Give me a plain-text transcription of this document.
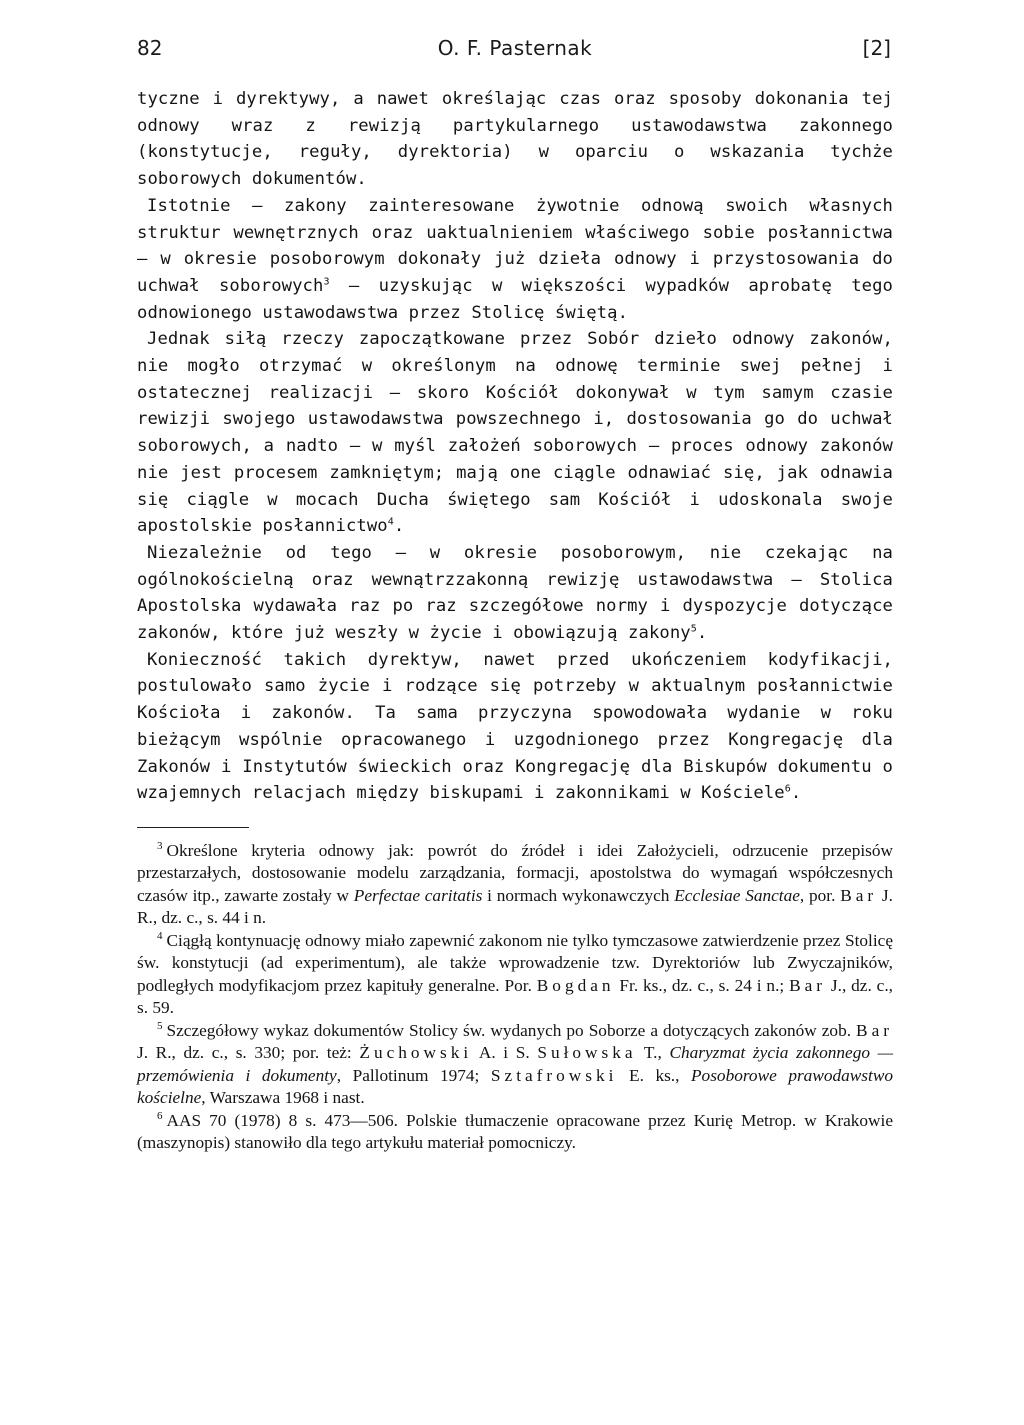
82	O. F. Pasternak	[2]

tyczne i dyrektywy, a nawet określając czas oraz sposoby dokonania tej odnowy wraz z rewizją partykularnego ustawodawstwa zakonnego (konstytucje, reguły, dyrektoria) w oparciu o wskazania tychże soborowych dokumentów.

Istotnie — zakony zainteresowane żywotnie odnową swoich własnych struktur wewnętrznych oraz uaktualnieniem właściwego sobie posłannictwa — w okresie posoborowym dokonały już dzieła odnowy i przystosowania do uchwał soborowych$^3$ — uzyskując w większości wypadków aprobatę tego odnowionego ustawodawstwa przez Stolicę świętą.

Jednak siłą rzeczy zapoczątkowane przez Sobór dzieło odnowy zakonów, nie mogło otrzymać w określonym na odnowę terminie swej pełnej i ostatecznej realizacji — skoro Kościół dokonywał w tym samym czasie rewizji swojego ustawodawstwa powszechnego i, dostosowania go do uchwał soborowych, a nadto — w myśl założeń soborowych — proces odnowy zakonów nie jest procesem zamkniętym; mają one ciągle odnawiać się, jak odnawia się ciągle w mocach Ducha świętego sam Kościół i udoskonala swoje apostolskie posłannictwo$^4$.

Niezależnie od tego — w okresie posoborowym, nie czekając na ogólnokościelną oraz wewnątrzzakonną rewizję ustawodawstwa — Stolica Apostolska wydawała raz po raz szczegółowe normy i dyspozycje dotyczące zakonów, które już weszły w życie i obowiązują zakony$^5$.

Konieczność takich dyrektyw, nawet przed ukończeniem kodyfikacji, postulowało samo życie i rodzące się potrzeby w aktualnym posłannictwie Kościoła i zakonów. Ta sama przyczyna spowodowała wydanie w roku bieżącym wspólnie opracowanego i uzgodnionego przez Kongregację dla Zakonów i Instytutów świeckich oraz Kongregację dla Biskupów dokumentu o wzajemnych relacjach między biskupami i zakonnikami w Kościele$^6$.

$^3$ Określone kryteria odnowy jak: powrót do źródeł i idei Założycieli, odrzucenie przepisów przestarzałych, dostosowanie modelu zarządzania, formacji, apostolstwa do wymagań współczesnych czasów itp., zawarte zostały w Perfectae caritatis i normach wykonawczych Ecclesiae Sanctae, por. Bar J. R., dz. c., s. 44 i n.

$^4$ Ciągłą kontynuację odnowy miało zapewnić zakonom nie tylko tymczasowe zatwierdzenie przez Stolicę św. konstytucji (ad experimentum), ale także wprowadzenie tzw. Dyrektoriów lub Zwyczajników, podległych modyfikacjom przez kapituły generalne. Por. Bogdan Fr. ks., dz. c., s. 24 i n.; Bar J., dz. c., s. 59.

$^5$ Szczegółowy wykaz dokumentów Stolicy św. wydanych po Soborze a dotyczących zakonów zob. Bar J. R., dz. c., s. 330; por. też: Żuchowski A. i S. Sułowska T., Charyzmat życia zakonnego — przemówienia i dokumenty, Pallotinum 1974; Sztafrowski E. ks., Posoborowe prawodawstwo kościelne, Warszawa 1968 i nast.

$^6$ AAS 70 (1978) 8 s. 473—506. Polskie tłumaczenie opracowane przez Kurię Metrop. w Krakowie (maszynopis) stanowiło dla tego artykułu materiał pomocniczy.
